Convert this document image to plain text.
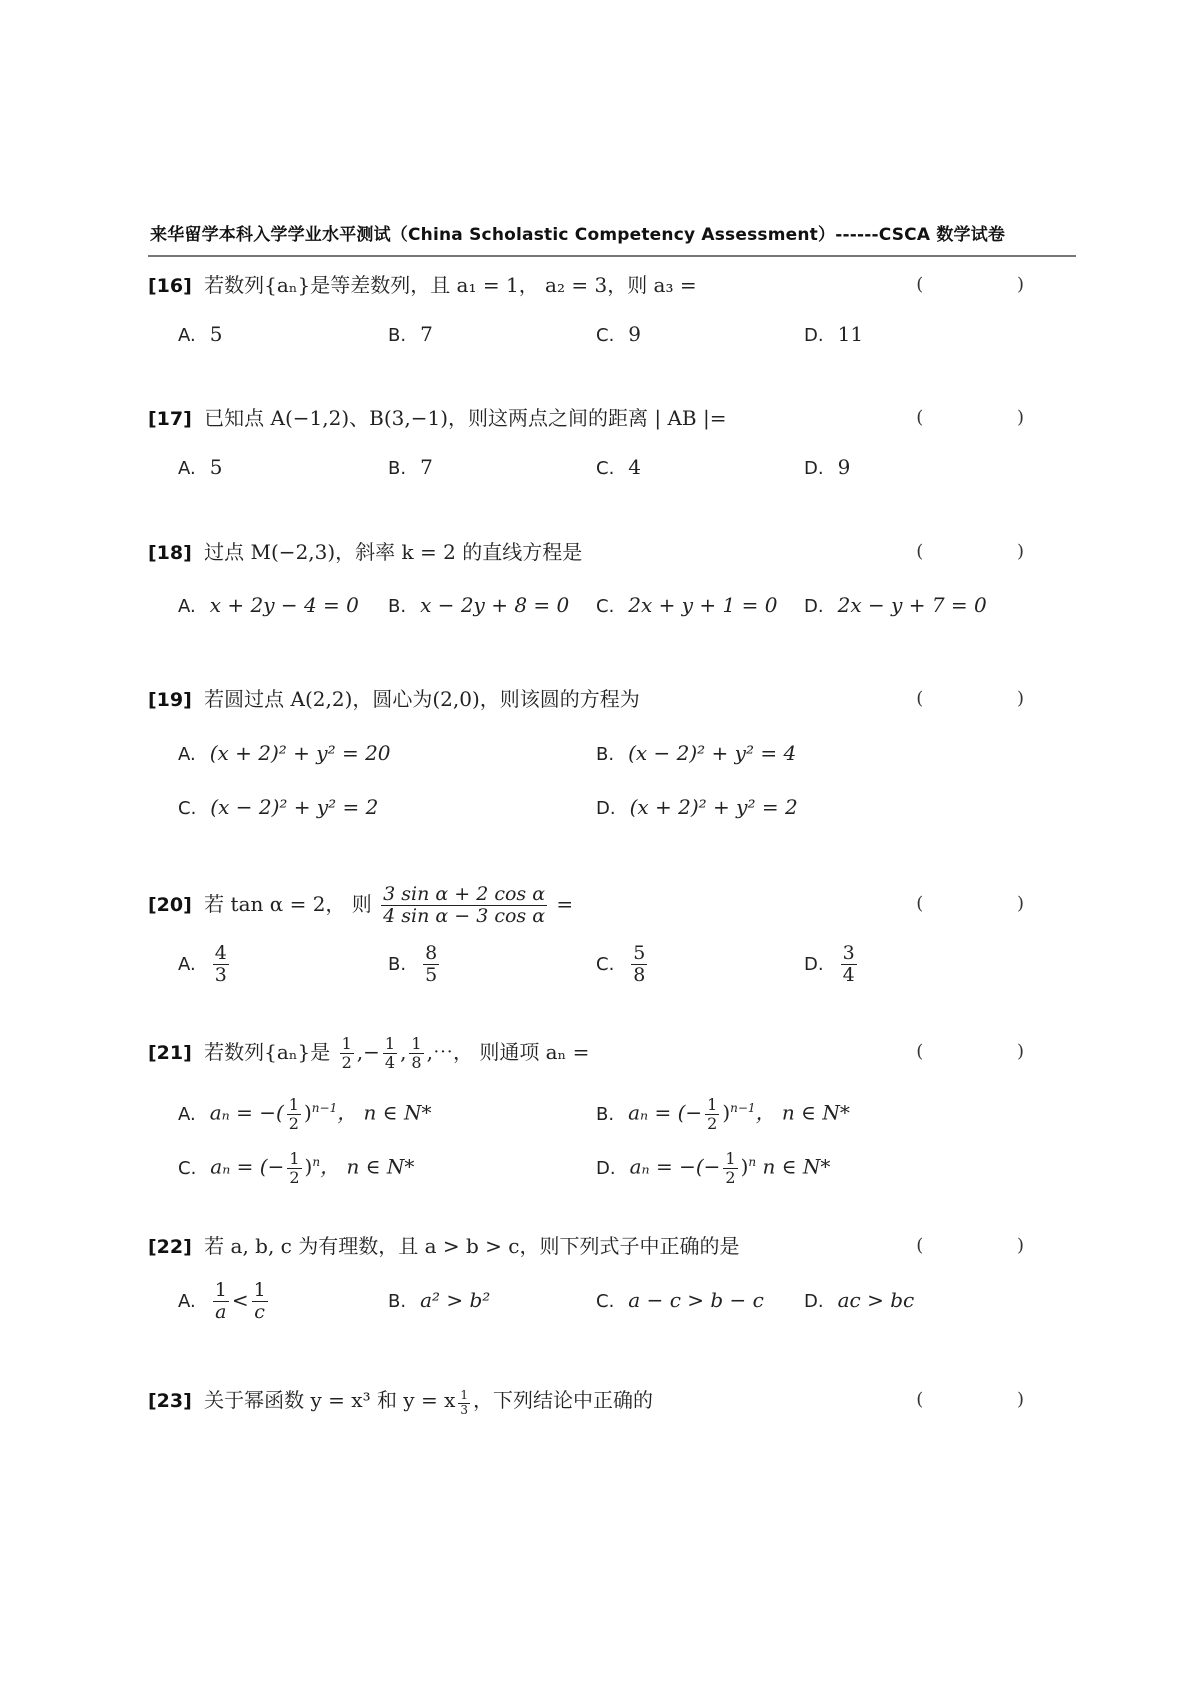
来华留学本科入学学业水平测试（China Scholastic Competency Assessment）------CSCA 数学试卷
[16] 若数列{aₙ}是等差数列，且 a₁ = 1， a₂ = 3，则 a₃ =	( )
A. 5	B. 7	C. 9	D. 11
[17] 已知点 A(−1,2)、B(3,−1)，则这两点之间的距离 | AB |=	( )
A. 5	B. 7	C. 4	D. 9
[18] 过点 M(−2,3)，斜率 k = 2 的直线方程是	( )
A. x + 2y − 4 = 0 B. x − 2y + 8 = 0 C. 2x + y + 1 = 0 D. 2x − y + 7 = 0
[19] 若圆过点 A(2,2)，圆心为(2,0)，则该圆的方程为	( )
A. (x + 2)² + y² = 20	B. (x − 2)² + y² = 4
C. (x − 2)² + y² = 2	D. (x + 2)² + y² = 2
[20] 若 tan α = 2， 则 $\frac{\text{3 sin α + 2 cos α}}{\text{4 sin α − 3 cos α}}$ =	( )
A. $\frac{4}{3}$	B. $\frac{8}{5}$	C. $\frac{5}{8}$	D. $\frac{3}{4}$
[21] 若数列{aₙ}是 $\frac{1}{2}$ ,− $\frac{1}{4}$ , $\frac{1}{8}$ ,⋯， 则通项 aₙ =	( )
A. aₙ = −( $\frac{1}{2} )^{n-1}$， n ∈ N*	B. aₙ = (− $\frac{1}{2} )^{n-1}$， n ∈ N*
C. aₙ = (− $\frac{1}{2} )^n$， n ∈ N*	D. aₙ = −(− $\frac{1}{2} )^n$ n ∈ N*
[22] 若 a, b, c 为有理数，且 a > b > c，则下列式子中正确的是	( )
A. $\frac{1}{a} < \frac{1}{c}$	B. a² > b²	C. a − c > b − c D. ac > bc
[23] 关于幂函数 y = x³ 和 y = x $\frac{1}{3}$ ，下列结论中正确的	( )
